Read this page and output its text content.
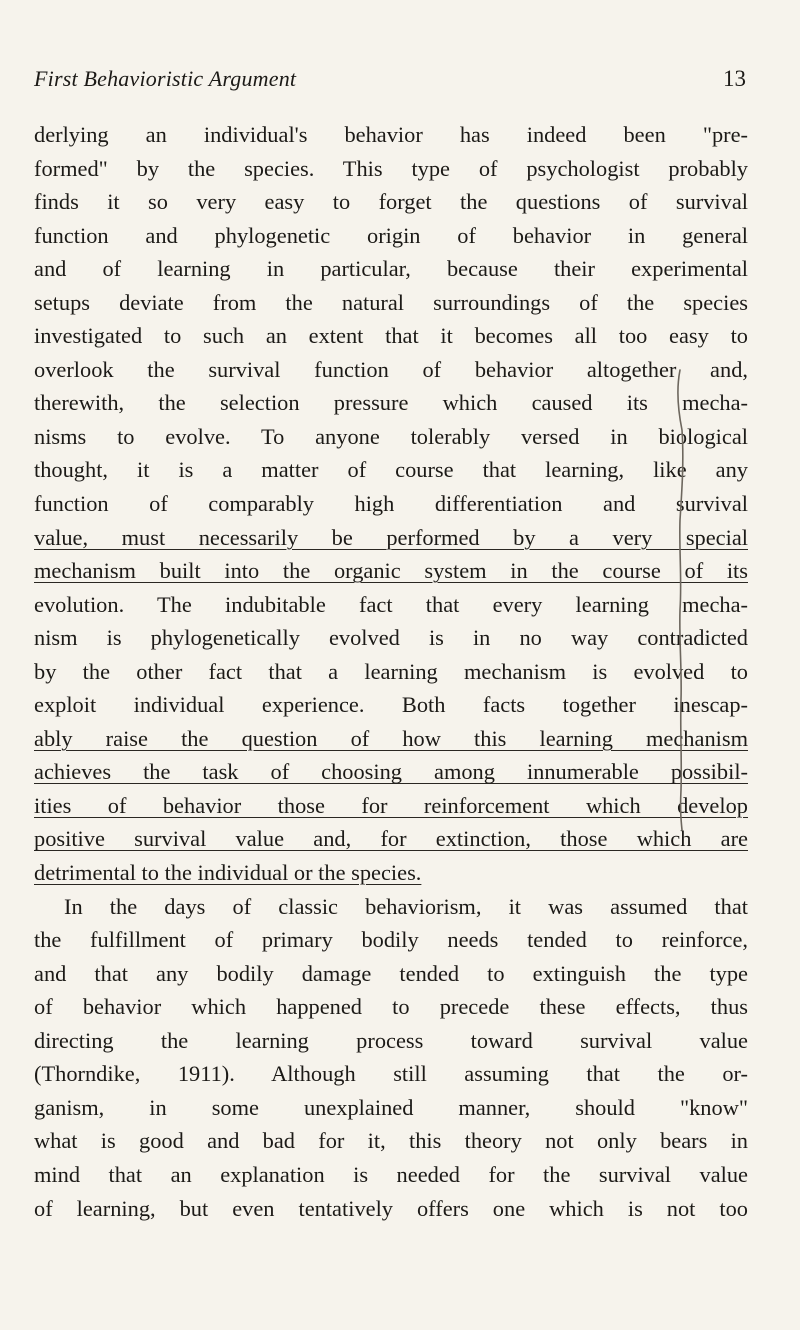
First Behavioristic Argument	13
derlying an individual's behavior has indeed been "pre-
formed" by the species. This type of psychologist probably
finds it so very easy to forget the questions of survival
function and phylogenetic origin of behavior in general
and of learning in particular, because their experimental
setups deviate from the natural surroundings of the species
investigated to such an extent that it becomes all too easy to
overlook the survival function of behavior altogether and,
therewith, the selection pressure which caused its mecha-
nisms to evolve. To anyone tolerably versed in biological
thought, it is a matter of course that learning, like any
function of comparably high differentiation and survival
value, must necessarily be performed by a very special
mechanism built into the organic system in the course of its
evolution. The indubitable fact that every learning mecha-
nism is phylogenetically evolved is in no way contradicted
by the other fact that a learning mechanism is evolved to
exploit individual experience. Both facts together inescap-
ably raise the question of how this learning mechanism
achieves the task of choosing among innumerable possibil-
ities of behavior those for reinforcement which develop
positive survival value and, for extinction, those which are
detrimental to the individual or the species.
In the days of classic behaviorism, it was assumed that
the fulfillment of primary bodily needs tended to reinforce,
and that any bodily damage tended to extinguish the type
of behavior which happened to precede these effects, thus
directing the learning process toward survival value
(Thorndike, 1911). Although still assuming that the or-
ganism, in some unexplained manner, should "know"
what is good and bad for it, this theory not only bears in
mind that an explanation is needed for the survival value
of learning, but even tentatively offers one which is not too
